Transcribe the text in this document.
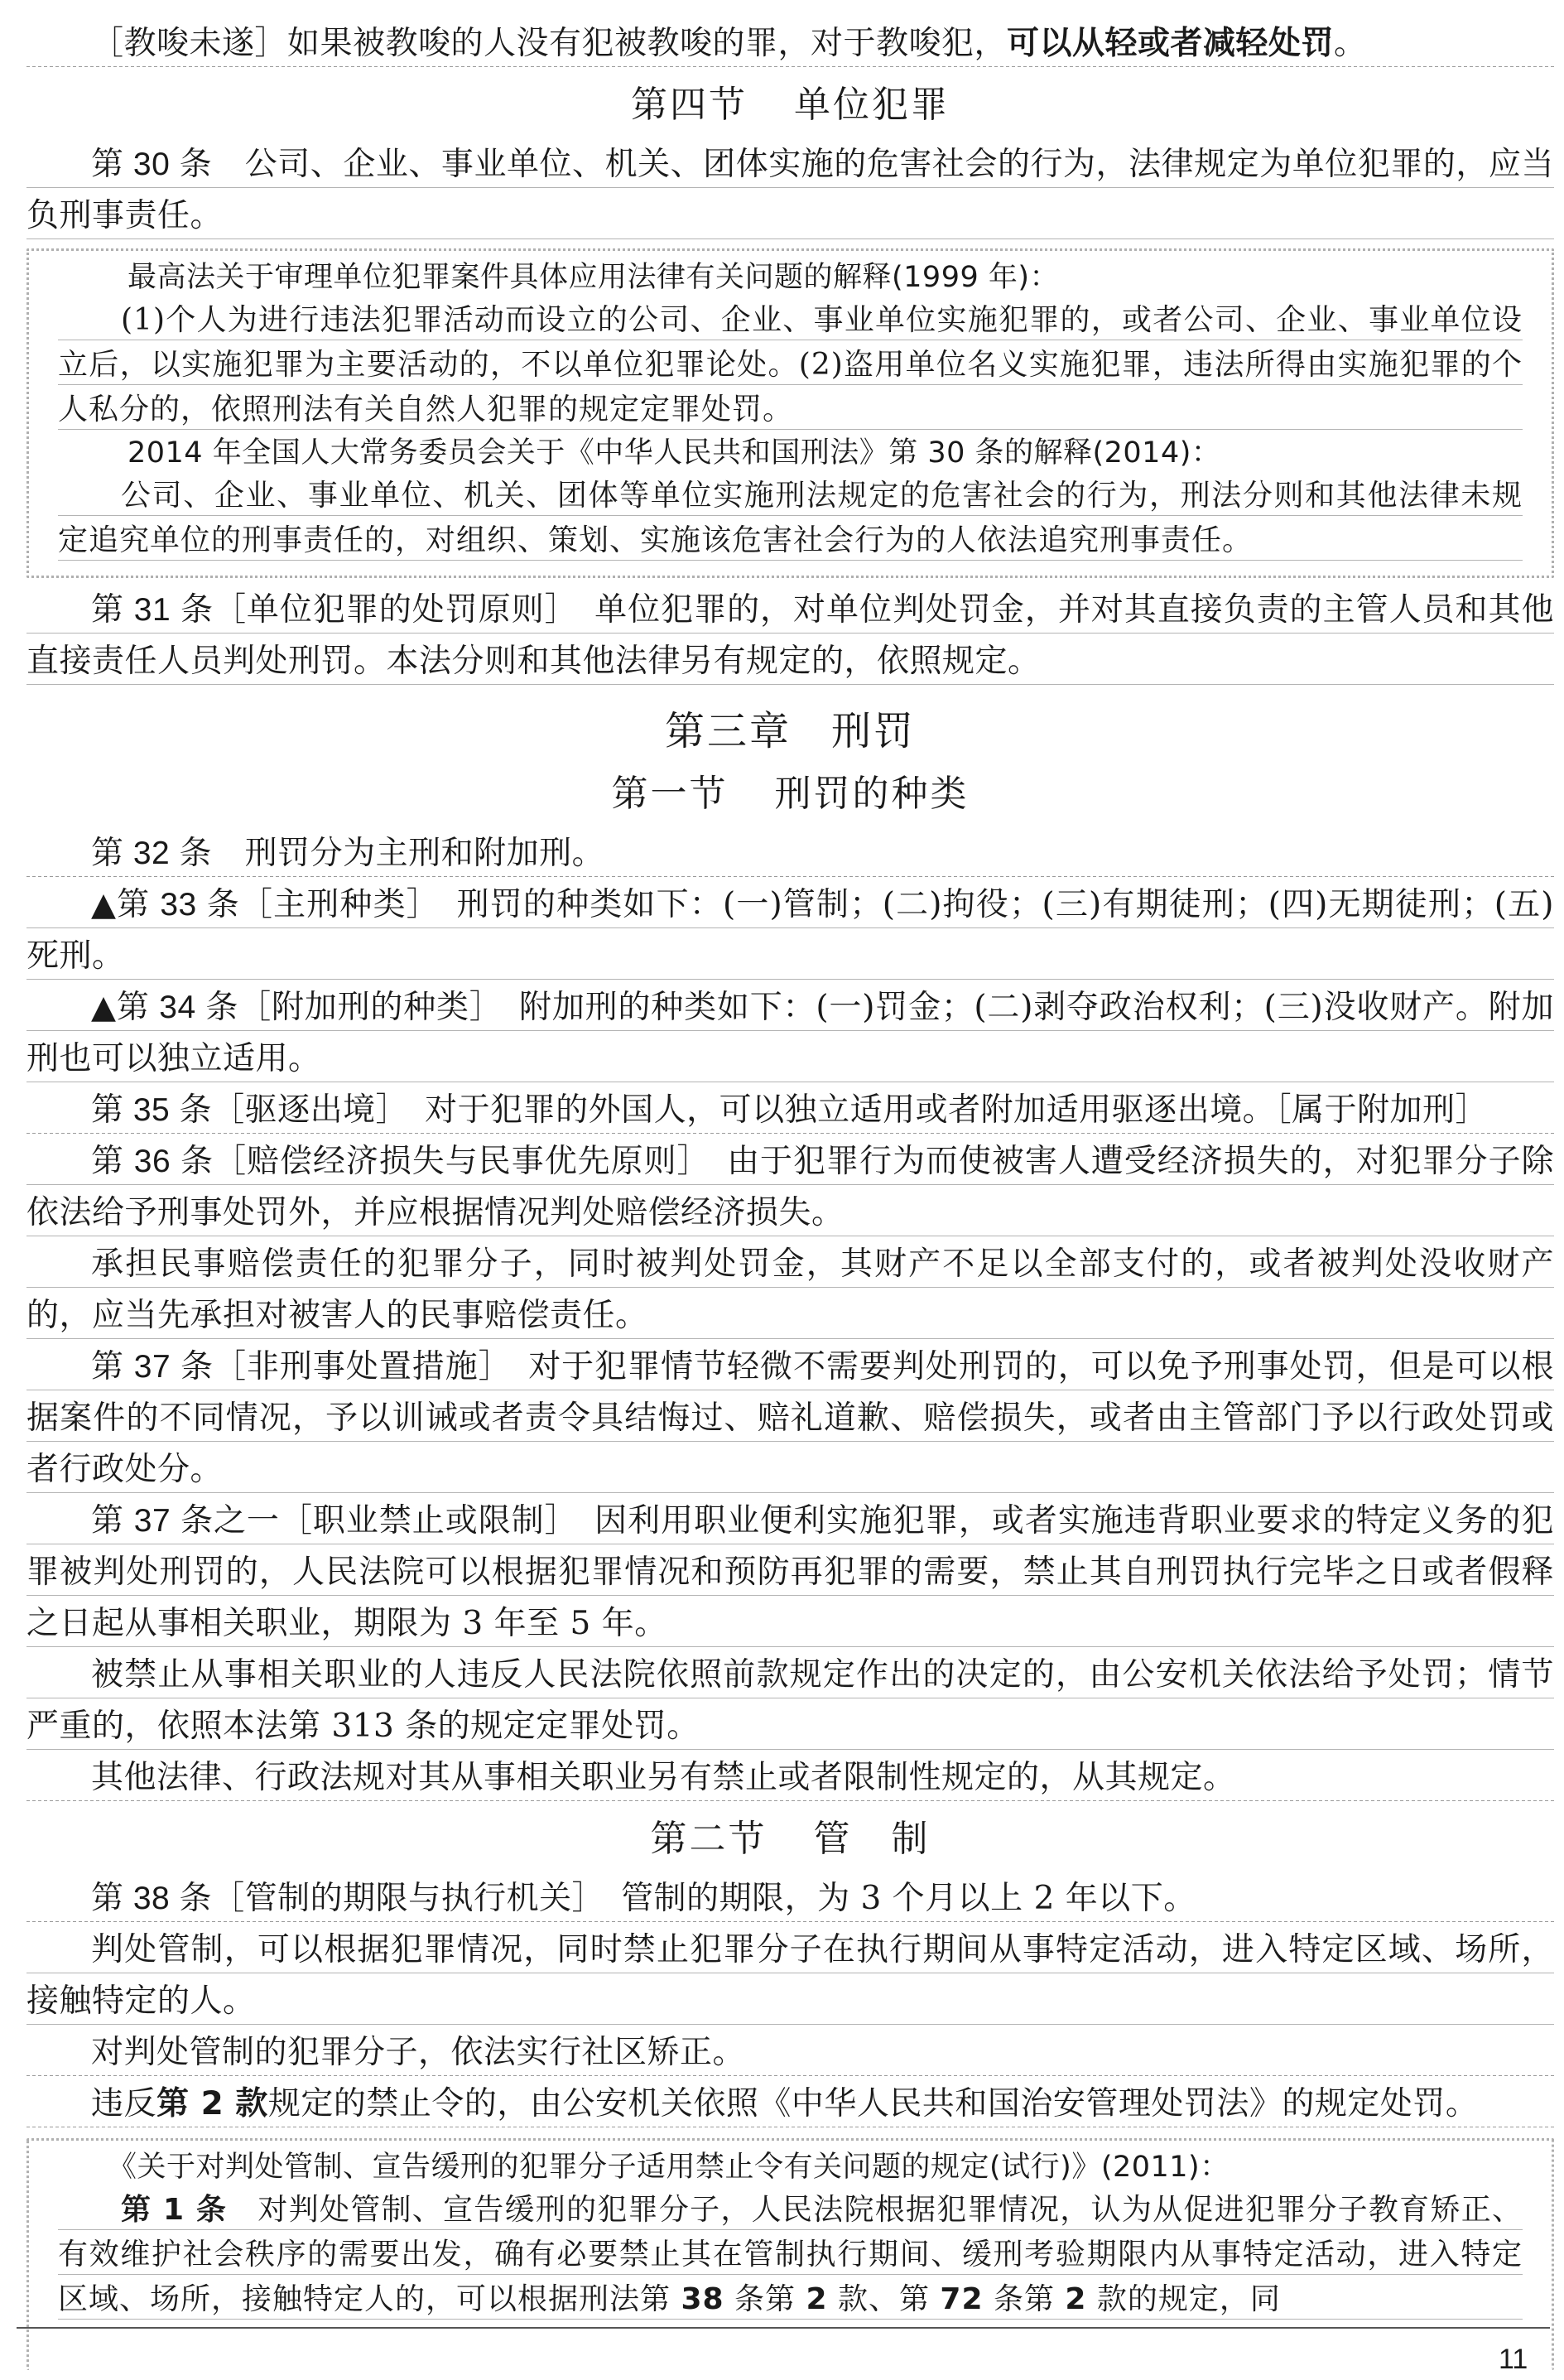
［教唆未遂］如果被教唆的人没有犯被教唆的罪，对于教唆犯，可以从轻或者减轻处罚。

第四节 单位犯罪

第 30 条　公司、企业、事业单位、机关、团体实施的危害社会的行为，法律规定为单位犯罪的，应当负刑事责任。

最高法关于审理单位犯罪案件具体应用法律有关问题的解释(1999 年)：

(1)个人为进行违法犯罪活动而设立的公司、企业、事业单位实施犯罪的，或者公司、企业、事业单位设立后，以实施犯罪为主要活动的，不以单位犯罪论处。(2)盗用单位名义实施犯罪，违法所得由实施犯罪的个人私分的，依照刑法有关自然人犯罪的规定定罪处罚。

2014 年全国人大常务委员会关于《中华人民共和国刑法》第 30 条的解释(2014)：

公司、企业、事业单位、机关、团体等单位实施刑法规定的危害社会的行为，刑法分则和其他法律未规定追究单位的刑事责任的，对组织、策划、实施该危害社会行为的人依法追究刑事责任。

第 31 条［单位犯罪的处罚原则］　单位犯罪的，对单位判处罚金，并对其直接负责的主管人员和其他直接责任人员判处刑罚。本法分则和其他法律另有规定的，依照规定。

第三章 刑罚
第一节 刑罚的种类

第 32 条　刑罚分为主刑和附加刑。

▲第 33 条［主刑种类］　刑罚的种类如下：(一)管制；(二)拘役；(三)有期徒刑；(四)无期徒刑；(五)死刑。

▲第 34 条［附加刑的种类］　附加刑的种类如下：(一)罚金；(二)剥夺政治权利；(三)没收财产。附加刑也可以独立适用。

第 35 条［驱逐出境］　对于犯罪的外国人，可以独立适用或者附加适用驱逐出境。［属于附加刑］

第 36 条［赔偿经济损失与民事优先原则］　由于犯罪行为而使被害人遭受经济损失的，对犯罪分子除依法给予刑事处罚外，并应根据情况判处赔偿经济损失。

承担民事赔偿责任的犯罪分子，同时被判处罚金，其财产不足以全部支付的，或者被判处没收财产的，应当先承担对被害人的民事赔偿责任。

第 37 条［非刑事处置措施］　对于犯罪情节轻微不需要判处刑罚的，可以免予刑事处罚，但是可以根据案件的不同情况，予以训诫或者责令具结悔过、赔礼道歉、赔偿损失，或者由主管部门予以行政处罚或者行政处分。

第 37 条之一［职业禁止或限制］　因利用职业便利实施犯罪，或者实施违背职业要求的特定义务的犯罪被判处刑罚的，人民法院可以根据犯罪情况和预防再犯罪的需要，禁止其自刑罚执行完毕之日或者假释之日起从事相关职业，期限为 3 年至 5 年。

被禁止从事相关职业的人违反人民法院依照前款规定作出的决定的，由公安机关依法给予处罚；情节严重的，依照本法第 313 条的规定定罪处罚。

其他法律、行政法规对其从事相关职业另有禁止或者限制性规定的，从其规定。

第二节 管　制

第 38 条［管制的期限与执行机关］　管制的期限，为 3 个月以上 2 年以下。

判处管制，可以根据犯罪情况，同时禁止犯罪分子在执行期间从事特定活动，进入特定区域、场所，接触特定的人。

对判处管制的犯罪分子，依法实行社区矫正。

违反第 2 款规定的禁止令的，由公安机关依照《中华人民共和国治安管理处罚法》的规定处罚。

《关于对判处管制、宣告缓刑的犯罪分子适用禁止令有关问题的规定(试行)》(2011)：

第 1 条　对判处管制、宣告缓刑的犯罪分子，人民法院根据犯罪情况，认为从促进犯罪分子教育矫正、有效维护社会秩序的需要出发，确有必要禁止其在管制执行期间、缓刑考验期限内从事特定活动，进入特定区域、场所，接触特定人的，可以根据刑法第 38 条第 2 款、第 72 条第 2 款的规定，同

11
